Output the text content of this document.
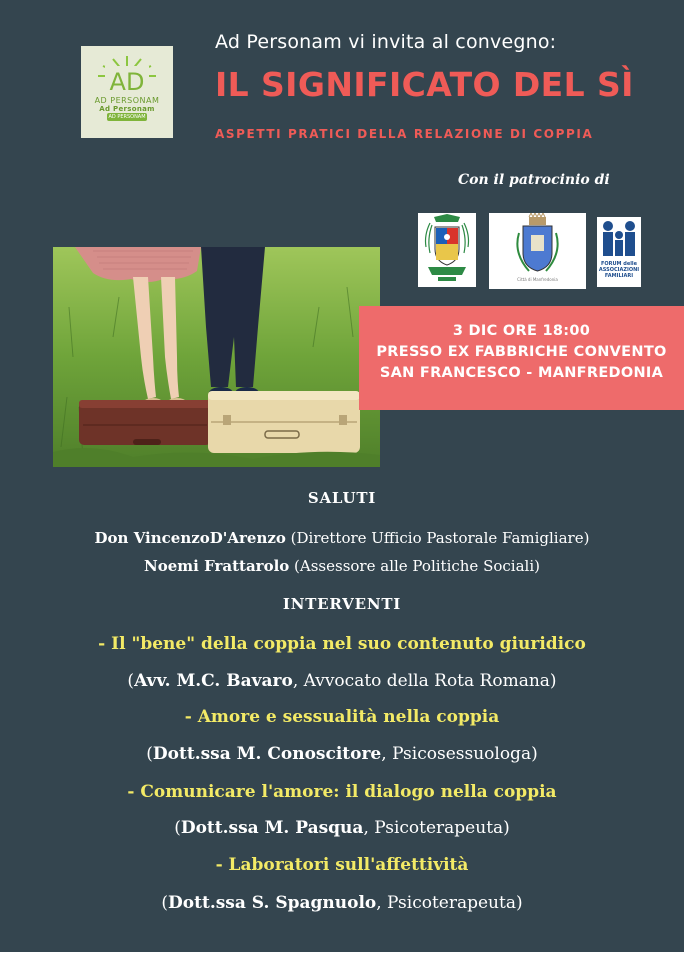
AD
AD PERSONAM
Ad Personam
AD PERSONAM
Ad Personam vi invita al convegno:
IL SIGNIFICATO DEL SÌ
ASPETTI PRATICI DELLA RELAZIONE DI COPPIA
Con il patrocinio di
Città di Manfredonia
FORUM delle ASSOCIAZIONI FAMILIARI
3 DIC ORE 18:00
PRESSO EX FABBRICHE CONVENTO
SAN FRANCESCO - MANFREDONIA
SALUTI
Don VincenzoD'Arenzo (Direttore Ufficio Pastorale Famigliare)
Noemi Frattarolo (Assessore alle Politiche Sociali)
INTERVENTI
- Il "bene" della coppia nel suo contenuto giuridico
(Avv. M.C. Bavaro, Avvocato della Rota Romana)
- Amore e sessualità nella coppia
(Dott.ssa M. Conoscitore, Psicosessuologa)
- Comunicare l'amore: il dialogo nella coppia
(Dott.ssa M. Pasqua, Psicoterapeuta)
- Laboratori sull'affettività
(Dott.ssa S. Spagnuolo, Psicoterapeuta)
